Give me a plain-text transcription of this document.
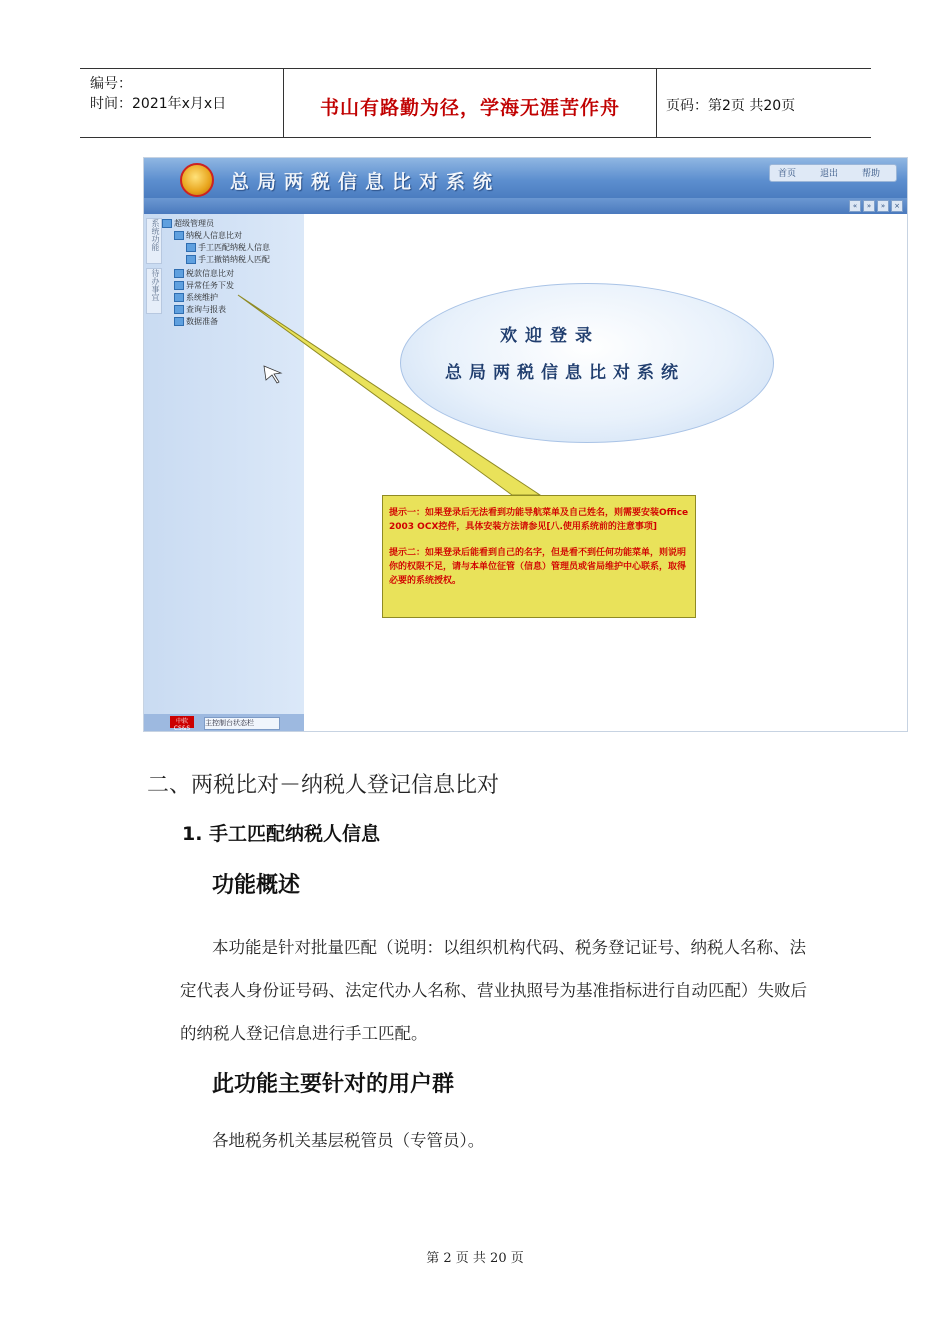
编号：
时间：2021年x月x日	书山有路勤为径，学海无涯苦作舟	页码：第2页 共20页
总局两税信息比对系统	首页	退出	帮助
«	»	»	×
系统功能
待办事宜
超级管理员
纳税人信息比对
手工匹配纳税人信息
手工撤销纳税人匹配
税款信息比对
异常任务下发
系统维护
查询与报表
数据准备
中软 CS&S
主控制台状态栏
欢迎登录
总局两税信息比对系统

提示一：如果登录后无法看到功能导航菜单及自己姓名，则需要安装Office 2003 OCX控件，具体安装方法请参见[八.使用系统前的注意事项]

提示二：如果登录后能看到自己的名字，但是看不到任何功能菜单，则说明你的权限不足，请与本单位征管（信息）管理员或省局维护中心联系，取得必要的系统授权。

二、两税比对－纳税人登记信息比对
1. 手工匹配纳税人信息
功能概述
本功能是针对批量匹配（说明：以组织机构代码、税务登记证号、纳税人名称、法定代表人身份证号码、法定代办人名称、营业执照号为基准指标进行自动匹配）失败后的纳税人登记信息进行手工匹配。
此功能主要针对的用户群
各地税务机关基层税管员（专管员）。
第 2 页 共 20 页
